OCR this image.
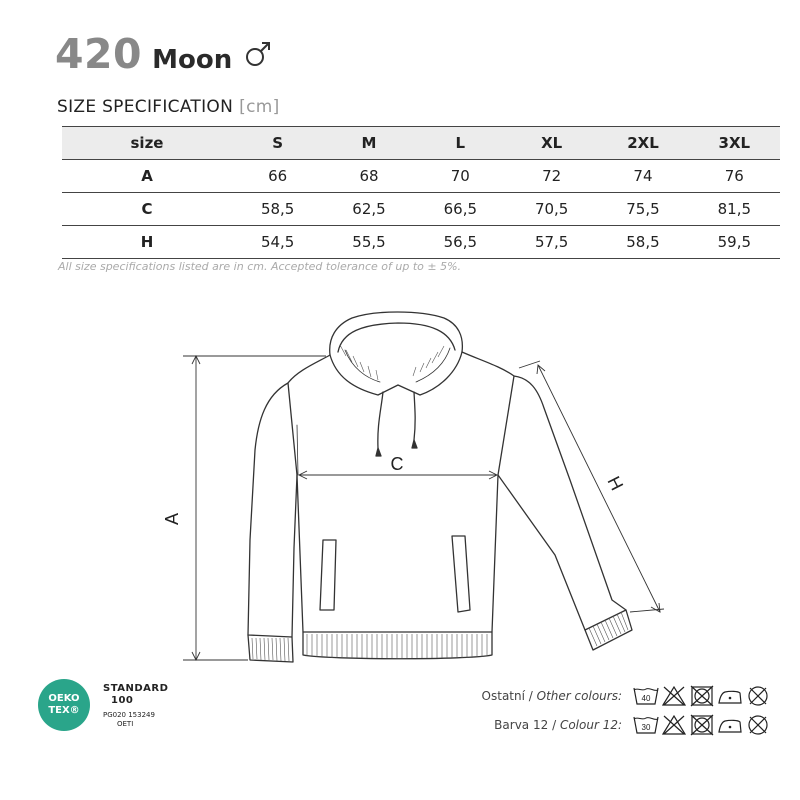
420 Moon
SIZE SPECIFICATION [cm]
size	S	M	L	XL	2XL	3XL
A	66	68	70	72	74	76
C	58,5	62,5	66,5	70,5	75,5	81,5
H	54,5	55,5	56,5	57,5	58,5	59,5
All size specifications listed are in cm. Accepted tolerance of up to ± 5%.
A
C
H
OEKO
TEX®
STANDARD
100
PG020 153249
OETI
Ostatní / Other colours: 40
Barva 12 / Colour 12: 30
